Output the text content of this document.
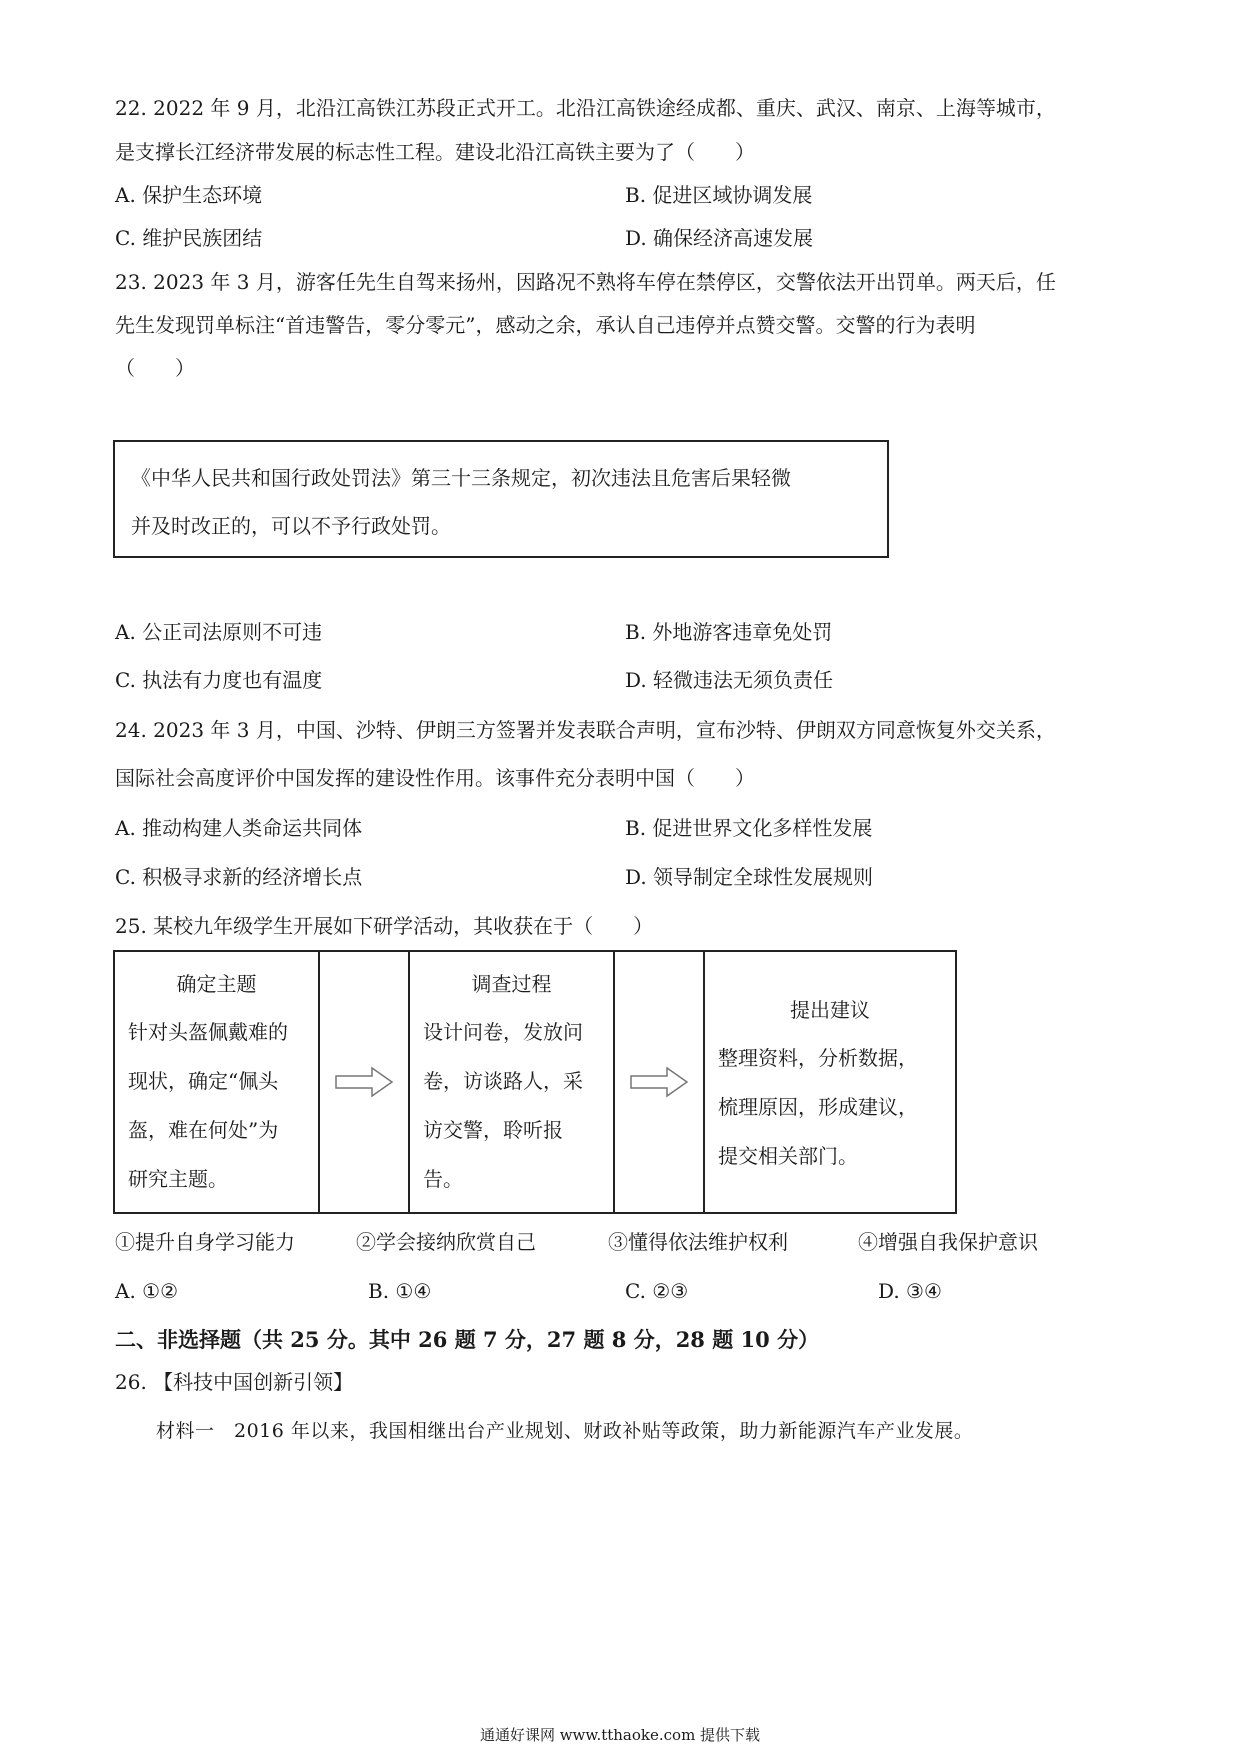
22. 2022 年 9 月，北沿江高铁江苏段正式开工。北沿江高铁途经成都、重庆、武汉、南京、上海等城市，
是支撑长江经济带发展的标志性工程。建设北沿江高铁主要为了（　　）
A. 保护生态环境	B. 促进区域协调发展
C. 维护民族团结	D. 确保经济高速发展
23. 2023 年 3 月，游客任先生自驾来扬州，因路况不熟将车停在禁停区，交警依法开出罚单。两天后，任
先生发现罚单标注“首违警告，零分零元”，感动之余，承认自己违停并点赞交警。交警的行为表明
（　　）
《中华人民共和国行政处罚法》第三十三条规定，初次违法且危害后果轻微
并及时改正的，可以不予行政处罚。
A. 公正司法原则不可违	B. 外地游客违章免处罚
C. 执法有力度也有温度	D. 轻微违法无须负责任
24. 2023 年 3 月，中国、沙特、伊朗三方签署并发表联合声明，宣布沙特、伊朗双方同意恢复外交关系，
国际社会高度评价中国发挥的建设性作用。该事件充分表明中国（　　）
A. 推动构建人类命运共同体	B. 促进世界文化多样性发展
C. 积极寻求新的经济增长点	D. 领导制定全球性发展规则
25. 某校九年级学生开展如下研学活动，其收获在于（　　）
确定主题
针对头盔佩戴难的
现状，确定“佩头
盔，难在何处”为
研究主题。

调查过程
设计问卷，发放问
卷，访谈路人，采
访交警，聆听报
告。

提出建议
整理资料，分析数据，
梳理原因，形成建议，
提交相关部门。
①提升自身学习能力	②学会接纳欣赏自己	③懂得依法维护权利	④增强自我保护意识
A. ①②	B. ①④	C. ②③	D. ③④
二、非选择题（共 25 分。其中 26 题 7 分，27 题 8 分，28 题 10 分）
26. 【科技中国创新引领】
材料一　2016 年以来，我国相继出台产业规划、财政补贴等政策，助力新能源汽车产业发展。
通通好课网 www.tthaoke.com 提供下载
